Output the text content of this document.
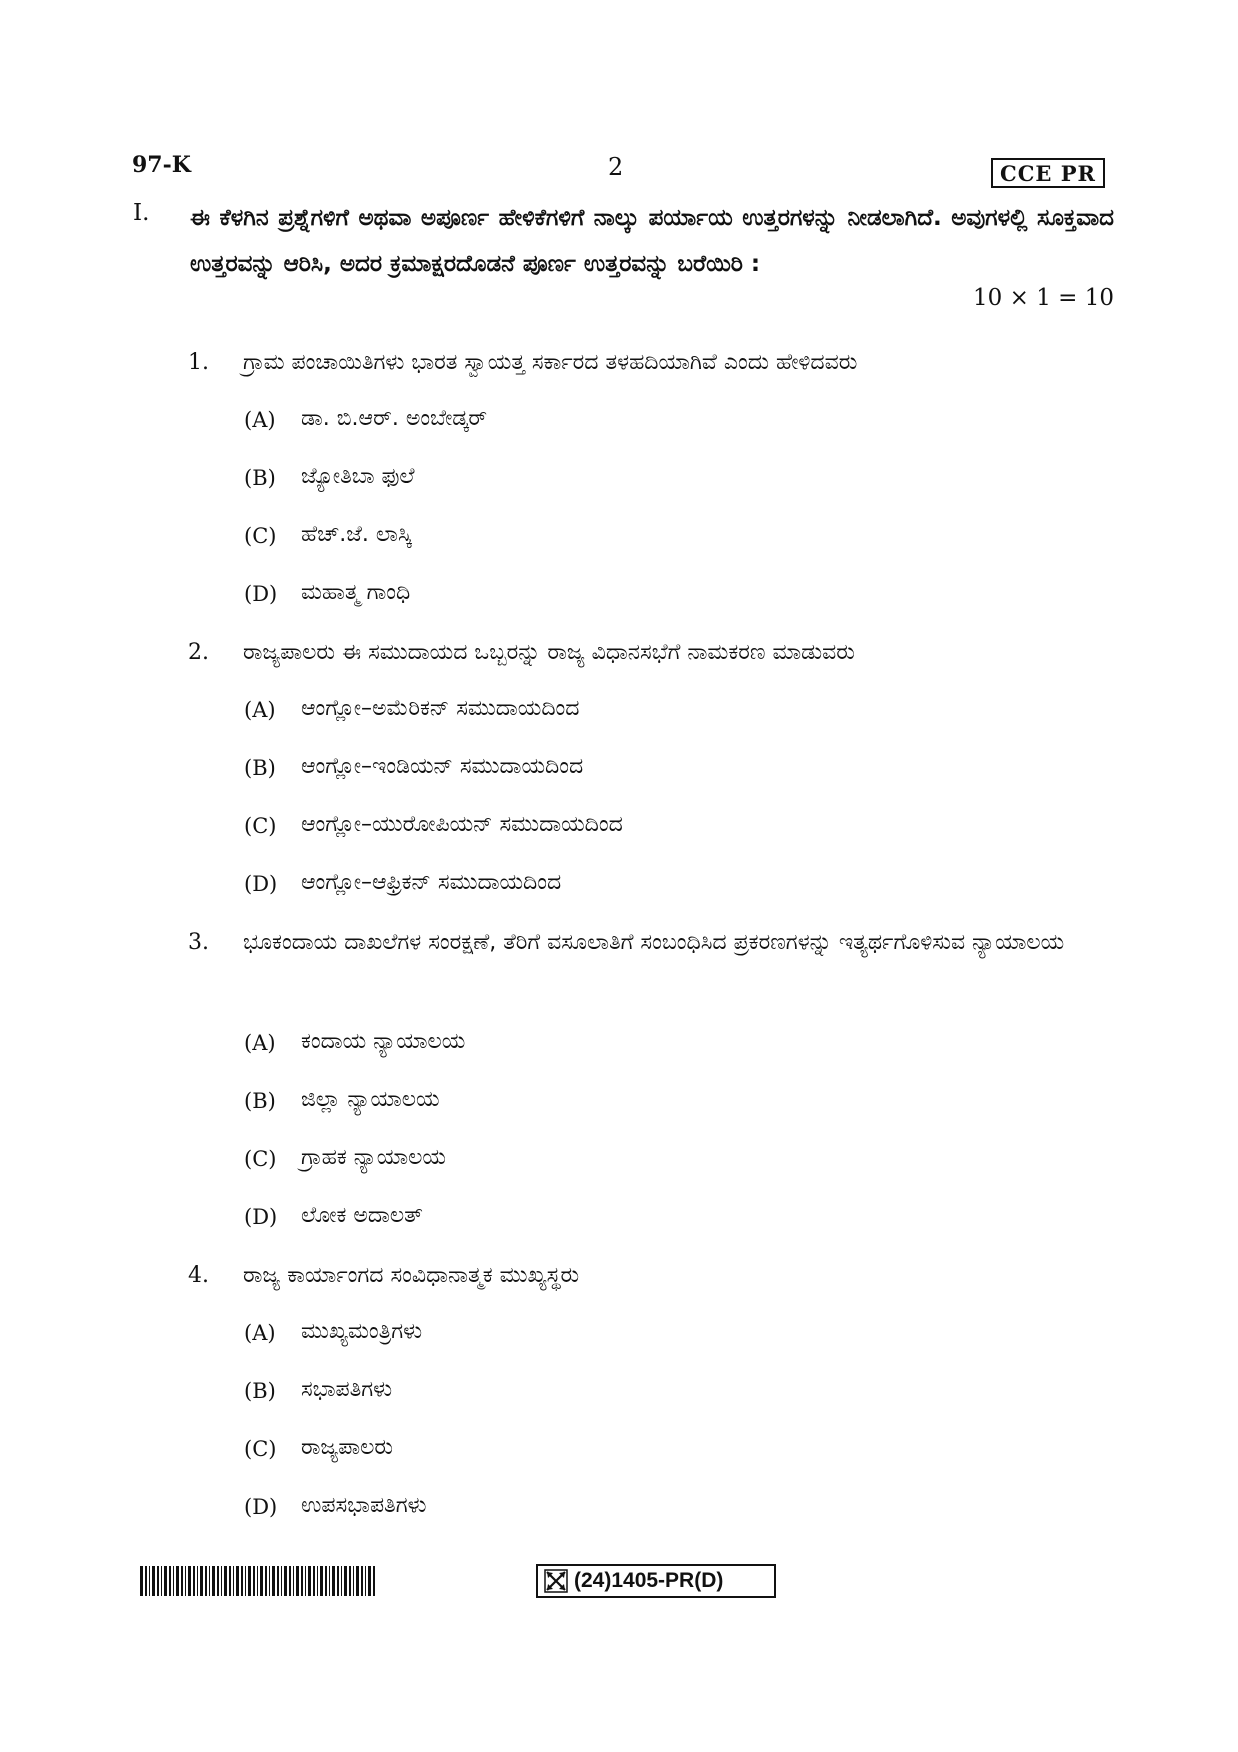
97-K	2	CCE PR
I. ಈ ಕೆಳಗಿನ ಪ್ರಶ್ನೆಗಳಿಗೆ ಅಥವಾ ಅಪೂರ್ಣ ಹೇಳಿಕೆಗಳಿಗೆ ನಾಲ್ಕು ಪರ್ಯಾಯ ಉತ್ತರಗಳನ್ನು ನೀಡಲಾಗಿದೆ. ಅವುಗಳಲ್ಲಿ ಸೂಕ್ತವಾದ ಉತ್ತರವನ್ನು ಆರಿಸಿ, ಅದರ ಕ್ರಮಾಕ್ಷರದೊಡನೆ ಪೂರ್ಣ ಉತ್ತರವನ್ನು ಬರೆಯಿರಿ :
10 × 1 = 10
1. ಗ್ರಾಮ ಪಂಚಾಯಿತಿಗಳು ಭಾರತ ಸ್ವಾಯತ್ತ ಸರ್ಕಾರದ ತಳಹದಿಯಾಗಿವೆ ಎಂದು ಹೇಳಿದವರು
(A) ಡಾ. ಬಿ.ಆರ್. ಅಂಬೇಡ್ಕರ್
(B) ಜ್ಯೋತಿಬಾ ಫುಲೆ
(C) ಹೆಚ್.ಜೆ. ಲಾಸ್ಕಿ
(D) ಮಹಾತ್ಮ ಗಾಂಧಿ
2. ರಾಜ್ಯಪಾಲರು ಈ ಸಮುದಾಯದ ಒಬ್ಬರನ್ನು ರಾಜ್ಯ ವಿಧಾನಸಭೆಗೆ ನಾಮಕರಣ ಮಾಡುವರು
(A) ಆಂಗ್ಲೋ–ಅಮೆರಿಕನ್ ಸಮುದಾಯದಿಂದ
(B) ಆಂಗ್ಲೋ–ಇಂಡಿಯನ್ ಸಮುದಾಯದಿಂದ
(C) ಆಂಗ್ಲೋ–ಯುರೋಪಿಯನ್ ಸಮುದಾಯದಿಂದ
(D) ಆಂಗ್ಲೋ–ಆಫ್ರಿಕನ್ ಸಮುದಾಯದಿಂದ
3. ಭೂಕಂದಾಯ ದಾಖಲೆಗಳ ಸಂರಕ್ಷಣೆ, ತೆರಿಗೆ ವಸೂಲಾತಿಗೆ ಸಂಬಂಧಿಸಿದ ಪ್ರಕರಣಗಳನ್ನು ಇತ್ಯರ್ಥಗೊಳಿಸುವ ನ್ಯಾಯಾಲಯ
(A) ಕಂದಾಯ ನ್ಯಾಯಾಲಯ
(B) ಜಿಲ್ಲಾ ನ್ಯಾಯಾಲಯ
(C) ಗ್ರಾಹಕ ನ್ಯಾಯಾಲಯ
(D) ಲೋಕ ಅದಾಲತ್
4. ರಾಜ್ಯ ಕಾರ್ಯಾಂಗದ ಸಂವಿಧಾನಾತ್ಮಕ ಮುಖ್ಯಸ್ಥರು
(A) ಮುಖ್ಯಮಂತ್ರಿಗಳು
(B) ಸಭಾಪತಿಗಳು
(C) ರಾಜ್ಯಪಾಲರು
(D) ಉಪಸಭಾಪತಿಗಳು
(24)1405-PR(D)
